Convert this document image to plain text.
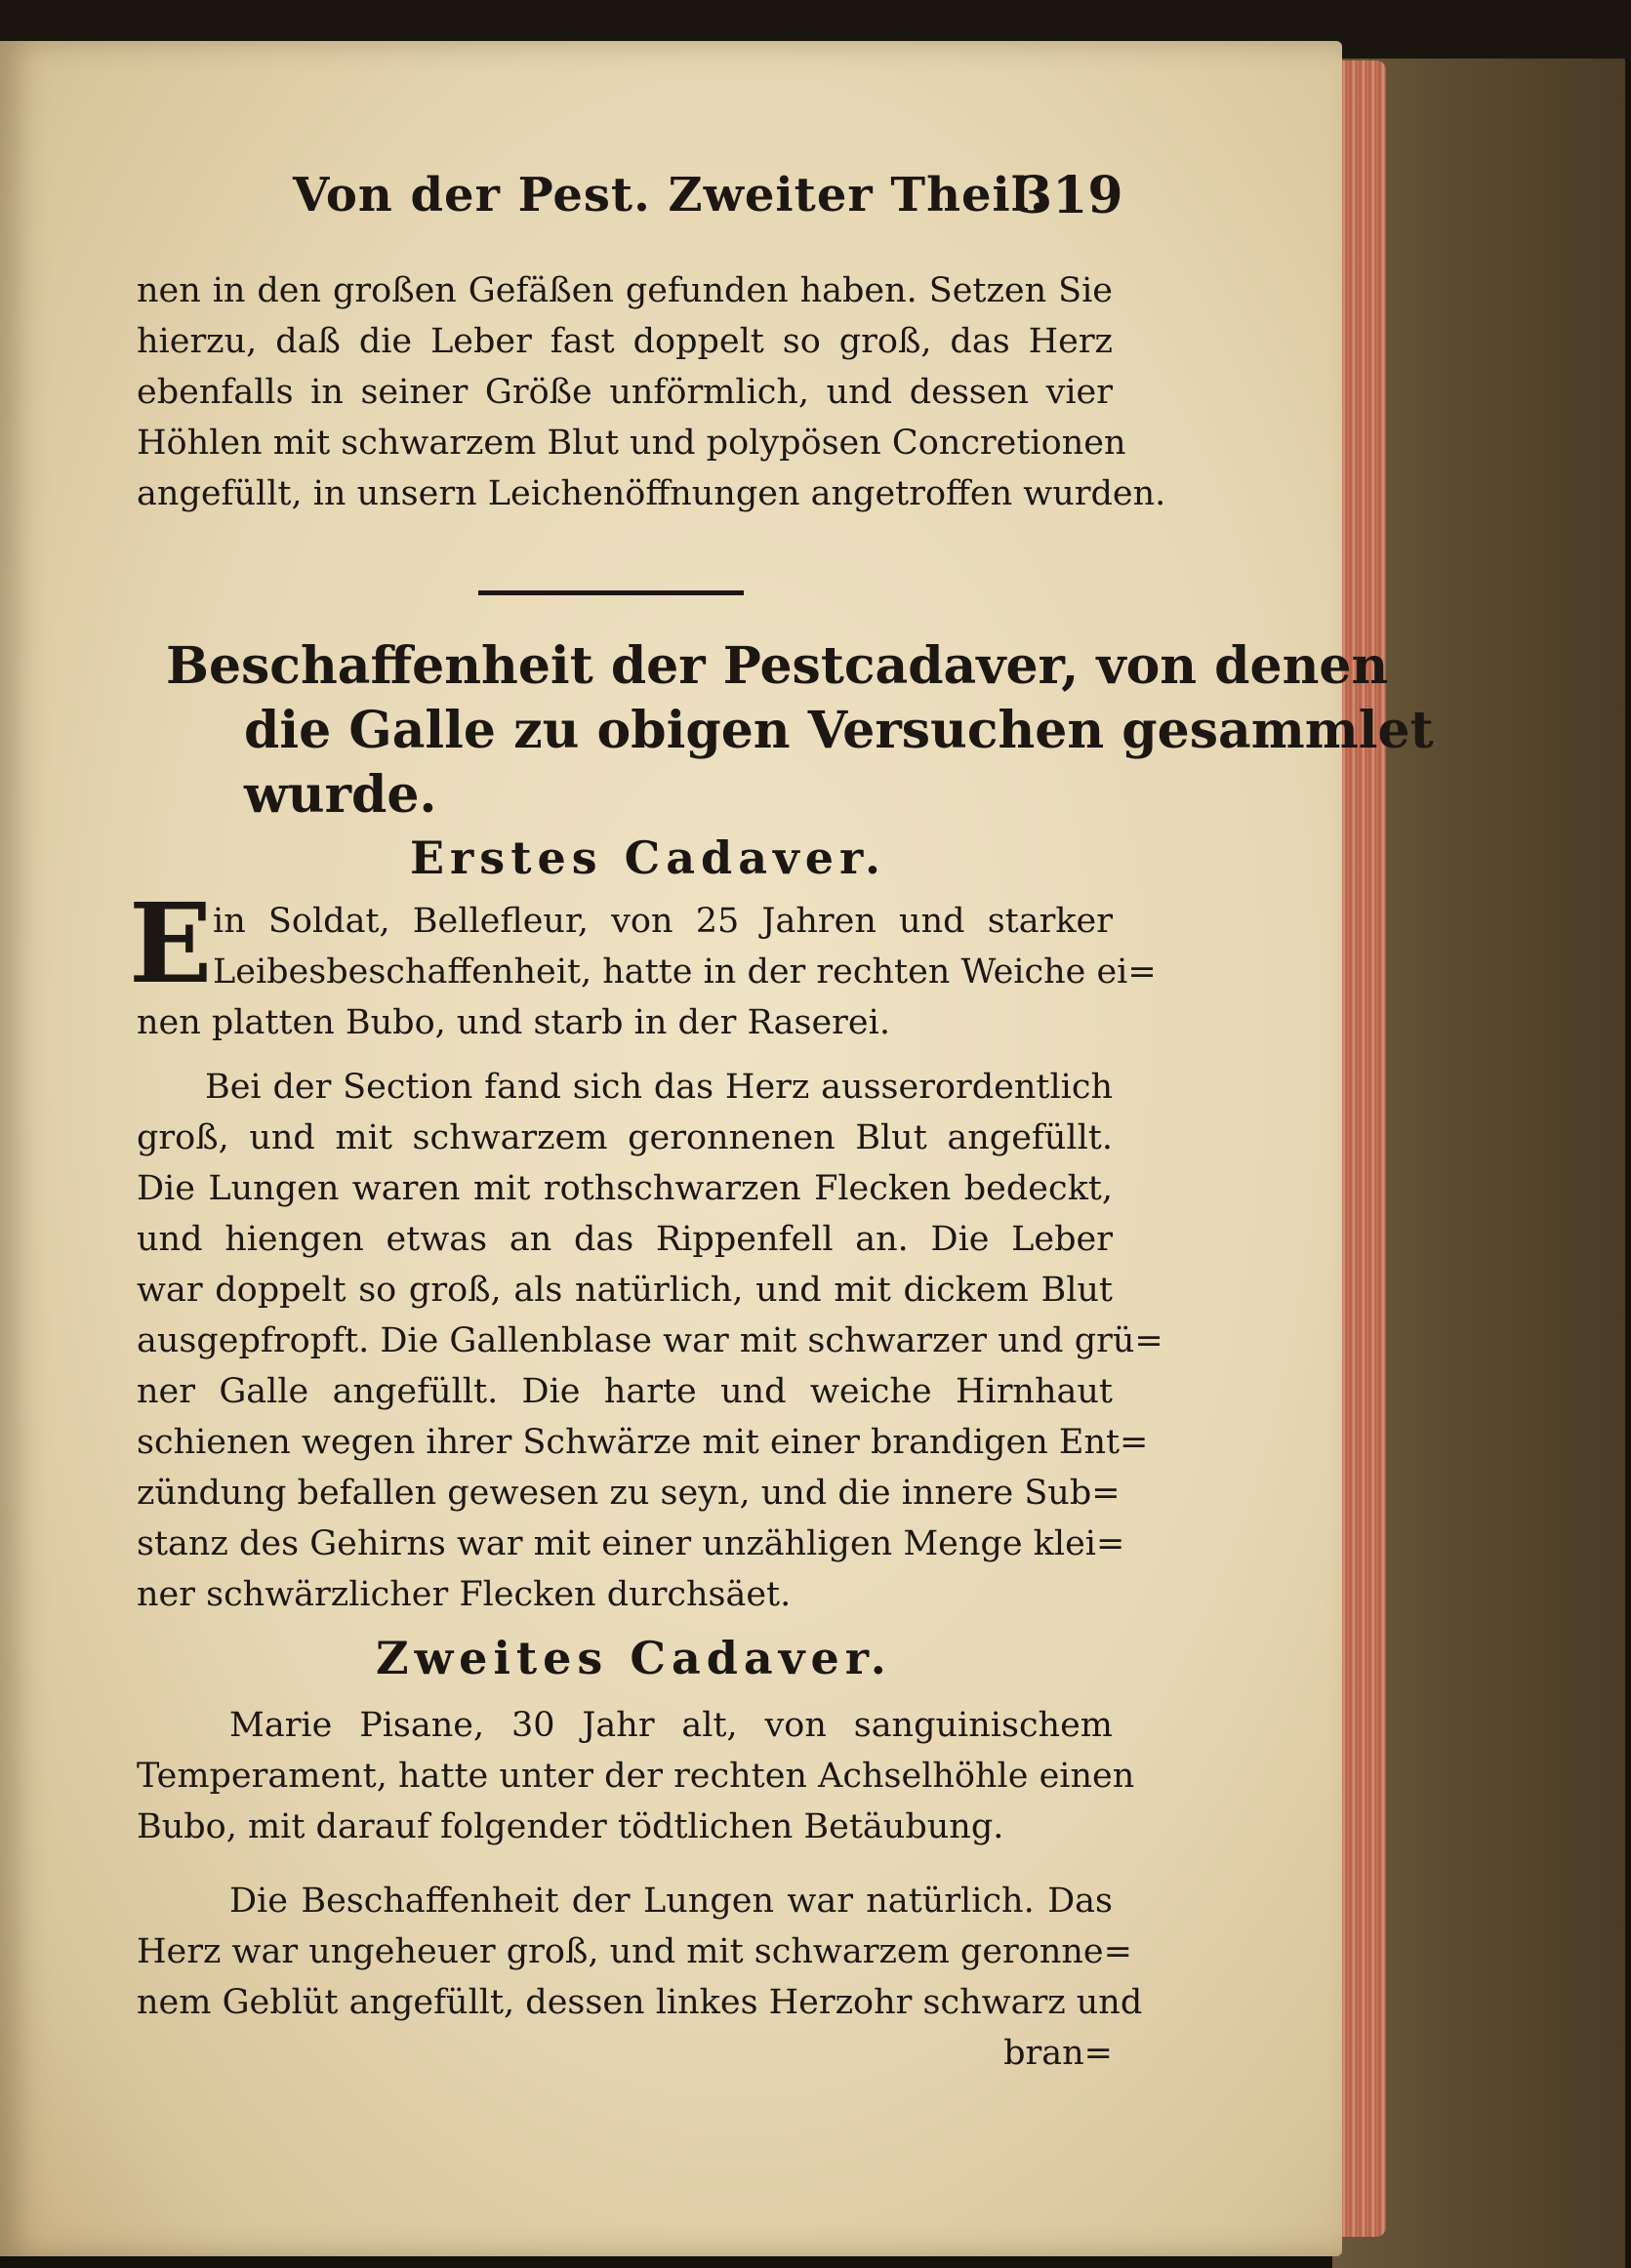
Von der Pest. Zweiter Theil.
319
nen in den großen Gefäßen gefunden haben. Setzen Sie
hierzu, daß die Leber fast doppelt so groß, das Herz
ebenfalls in seiner Größe unförmlich, und dessen vier
Höhlen mit schwarzem Blut und polypösen Concretionen
angefüllt, in unsern Leichenöffnungen angetroffen wurden.
Beschaffenheit der Pestcadaver, von denen
die Galle zu obigen Versuchen gesammlet
wurde.
Erstes Cadaver.
E in Soldat, Bellefleur, von 25 Jahren und starker
Leibesbeschaffenheit, hatte in der rechten Weiche ei=
nen platten Bubo, und starb in der Raserei.
Bei der Section fand sich das Herz ausserordentlich
groß, und mit schwarzem geronnenen Blut angefüllt.
Die Lungen waren mit rothschwarzen Flecken bedeckt,
und hiengen etwas an das Rippenfell an. Die Leber
war doppelt so groß, als natürlich, und mit dickem Blut
ausgepfropft. Die Gallenblase war mit schwarzer und grü=
ner Galle angefüllt. Die harte und weiche Hirnhaut
schienen wegen ihrer Schwärze mit einer brandigen Ent=
zündung befallen gewesen zu seyn, und die innere Sub=
stanz des Gehirns war mit einer unzähligen Menge klei=
ner schwärzlicher Flecken durchsäet.
Zweites Cadaver.
Marie Pisane, 30 Jahr alt, von sanguinischem
Temperament, hatte unter der rechten Achselhöhle einen
Bubo, mit darauf folgender tödtlichen Betäubung.
Die Beschaffenheit der Lungen war natürlich. Das
Herz war ungeheuer groß, und mit schwarzem geronne=
nem Geblüt angefüllt, dessen linkes Herzohr schwarz und
bran=
